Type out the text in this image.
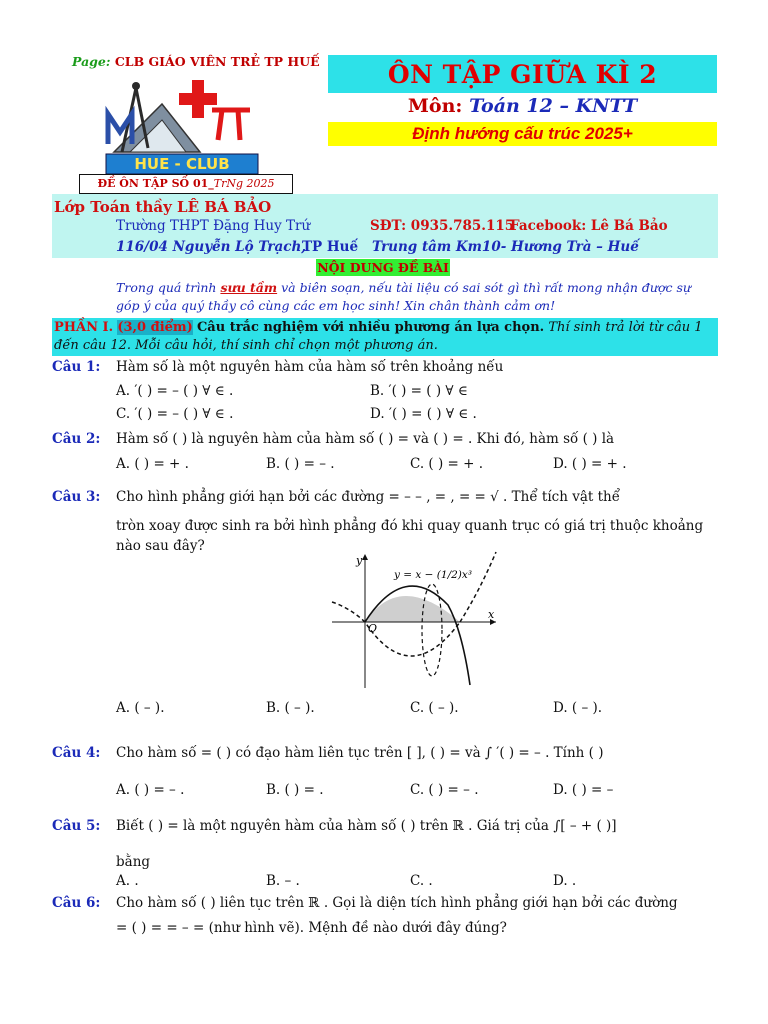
Page: CLB GIÁO VIÊN TRẺ TP HUẾ
HUE - CLUB
ĐỀ ÔN TẬP SỐ 01_TrNg 2025
ÔN TẬP GIỮA KÌ 2
Môn: Toán 12 – KNTT
Định hướng cấu trúc 2025+
Lớp Toán thầy LÊ BÁ BẢO
Trường THPT Đặng Huy Trứ	SĐT: 0935.785.115
Facebook: Lê Bá Bảo
116/04 Nguyễn Lộ Trạch,
TP Huế Trung tâm Km10- Hương Trà – Huế
NỘI DUNG ĐỀ BÀI
Trong quá trình sưu tầm và biên soạn, nếu tài liệu có sai sót gì thì rất mong nhận được sự góp ý của quý thầy cô cùng các em học sinh! Xin chân thành cảm ơn!
PHẦN I. (3,0 điểm) Câu trắc nghiệm với nhiều phương án lựa chọn. Thí sinh trả lời từ câu 1 đến câu 12. Mỗi câu hỏi, thí sinh chỉ chọn một phương án.
Câu 1: Hàm số là một nguyên hàm của hàm số trên khoảng nếu
A. ′( ) = – ( ) ∀ ∈ .	B. ′( ) = ( ) ∀ ∈
C. ′( ) = – ( ) ∀ ∈ .	D. ′( ) = ( ) ∀ ∈ .
Câu 2: Hàm số ( ) là nguyên hàm của hàm số ( ) = và ( ) = . Khi đó, hàm số ( ) là
A. ( ) = + .	B. ( ) = – .	C. ( ) = + .	D. ( ) = + .
Câu 3: Cho hình phẳng giới hạn bởi các đường = – – , = , = = √ . Thể tích vật thể
tròn xoay được sinh ra bởi hình phẳng đó khi quay quanh trục có giá trị thuộc khoảng
nào sau đây?
O
x
y
y = x − (1/2)x³
A. ( – ).	B. ( – ).	C. ( – ).	D. ( – ).
Câu 4: Cho hàm số = ( ) có đạo hàm liên tục trên [ ], ( ) = và ∫ ′( ) = – . Tính ( )
A. ( ) = – .	B. ( ) = .	C. ( ) = – .	D. ( ) = –
Câu 5: Biết ( ) = là một nguyên hàm của hàm số ( ) trên ℝ . Giá trị của ∫[ – + ( )]
bằng
A. .	B. – .	C. .	D. .
Câu 6: Cho hàm số ( ) liên tục trên ℝ . Gọi là diện tích hình phẳng giới hạn bởi các đường
= ( ) = = – = (như hình vẽ). Mệnh đề nào dưới đây đúng?
